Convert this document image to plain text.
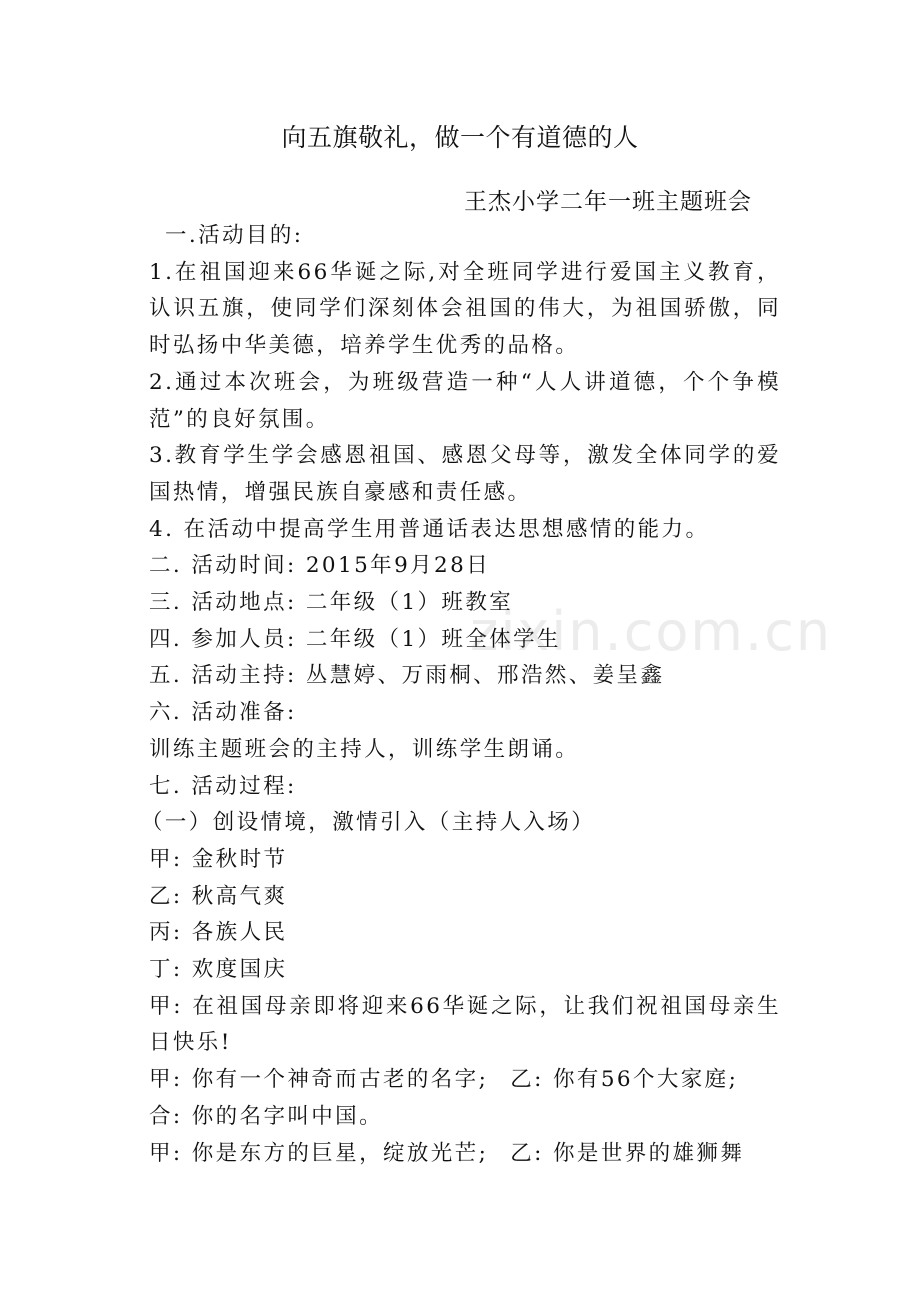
向五旗敬礼，做一个有道德的人
王杰小学二年一班主题班会

一.活动目的:

1.在祖国迎来66华诞之际,对全班同学进行爱国主义教育，认识五旗，使同学们深刻体会祖国的伟大，为祖国骄傲，同时弘扬中华美德，培养学生优秀的品格。

2.通过本次班会，为班级营造一种“人人讲道德，个个争模范”的良好氛围。

3.教育学生学会感恩祖国、感恩父母等，激发全体同学的爱国热情，增强民族自豪感和责任感。

4. 在活动中提高学生用普通话表达思想感情的能力。

二. 活动时间: 2015年9月28日

三. 活动地点: 二年级（1）班教室

四. 参加人员: 二年级（1）班全体学生

五. 活动主持: 丛慧婷、万雨桐、邢浩然、姜呈鑫

六. 活动准备:

训练主题班会的主持人，训练学生朗诵。

七. 活动过程:

（一）创设情境，激情引入（主持人入场）

甲: 金秋时节

乙: 秋高气爽

丙: 各族人民

丁: 欢度国庆

甲: 在祖国母亲即将迎来66华诞之际，让我们祝祖国母亲生日快乐!

甲: 你有一个神奇而古老的名字; 乙: 你有56个大家庭;

合: 你的名字叫中国。

甲: 你是东方的巨星，绽放光芒; 乙: 你是世界的雄狮舞

zixin.com.cn
